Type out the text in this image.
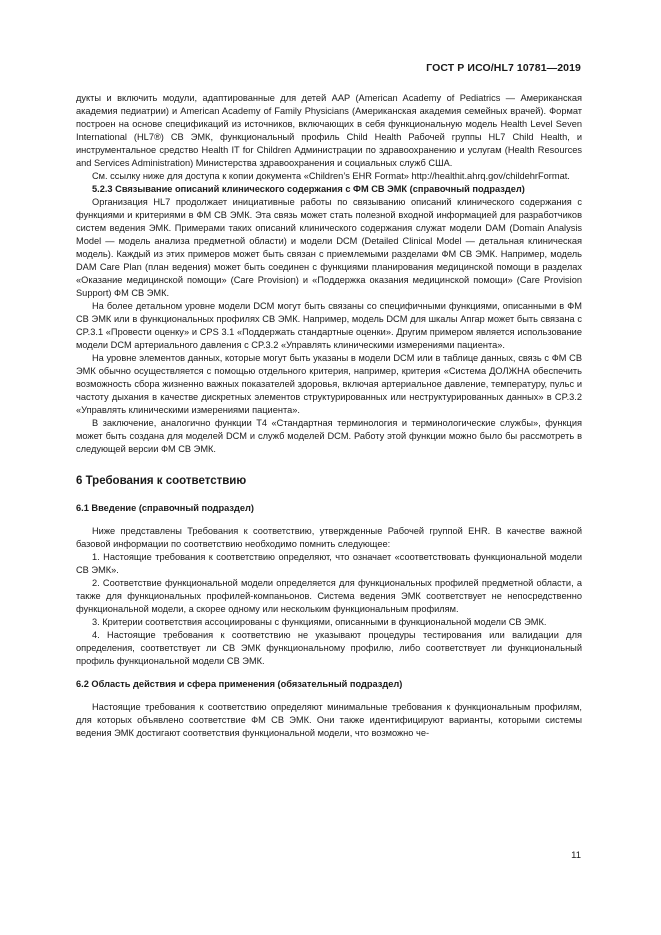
ГОСТ Р ИСО/HL7 10781—2019

дукты и включить модули, адаптированные для детей AAP (American Academy of Pediatrics — Американская академия педиатрии) и American Academy of Family Physicians (Американская академия семейных врачей). Формат построен на основе спецификаций из источников, включающих в себя функциональную модель Health Level Seven International (HL7®) СВ ЭМК, функциональный профиль Child Health Рабочей группы HL7 Child Health, и инструментальное средство Health IT for Children Администрации по здравоохранению и услугам (Health Resources and Services Administration) Министерства здравоохранения и социальных служб США.

См. ссылку ниже для доступа к копии документа «Children’s EHR Format» http://healthit.ahrq.gov/childehrFormat.

5.2.3 Связывание описаний клинического содержания с ФМ СВ ЭМК (справочный подраздел)

Организация HL7 продолжает инициативные работы по связыванию описаний клинического содержания с функциями и критериями в ФМ СВ ЭМК. Эта связь может стать полезной входной информацией для разработчиков систем ведения ЭМК. Примерами таких описаний клинического содержания служат модели DAM (Domain Analysis Model — модель анализа предметной области) и модели DCM (Detailed Clinical Model — детальная клиническая модель). Каждый из этих примеров может быть связан с приемлемыми разделами ФМ СВ ЭМК. Например, модель DAM Care Plan (план ведения) может быть соединен с функциями планирования медицинской помощи в разделах «Оказание медицинской помощи» (Care Provision) и «Поддержка оказания медицинской помощи» (Care Provision Support) ФМ СВ ЭМК.

На более детальном уровне модели DCM могут быть связаны со специфичными функциями, описанными в ФМ СВ ЭМК или в функциональных профилях СВ ЭМК. Например, модель DCM для шкалы Апгар может быть связана с CP.3.1 «Провести оценку» и CPS 3.1 «Поддержать стандартные оценки». Другим примером является использование модели DCM артериального давления с CP.3.2 «Управлять клиническими измерениями пациента».

На уровне элементов данных, которые могут быть указаны в модели DCM или в таблице данных, связь с ФМ СВ ЭМК обычно осуществляется с помощью отдельного критерия, например, критерия «Система ДОЛЖНА обеспечить возможность сбора жизненно важных показателей здоровья, включая артериальное давление, температуру, пульс и частоту дыхания в качестве дискретных элементов структурированных или неструктурированных данных» в CP.3.2 «Управлять клиническими измерениями пациента».

В заключение, аналогично функции T4 «Стандартная терминология и терминологические службы», функция может быть создана для моделей DCM и служб моделей DCM. Работу этой функции можно было бы рассмотреть в следующей версии ФМ СВ ЭМК.

6 Требования к соответствию

6.1 Введение (справочный подраздел)

Ниже представлены Требования к соответствию, утвержденные Рабочей группой EHR. В качестве важной базовой информации по соответствию необходимо помнить следующее:

1. Настоящие требования к соответствию определяют, что означает «соответствовать функциональной модели СВ ЭМК».

2. Соответствие функциональной модели определяется для функциональных профилей предметной области, а также для функциональных профилей-компаньонов. Система ведения ЭМК соответствует не непосредственно функциональной модели, а скорее одному или нескольким функциональным профилям.

3. Критерии соответствия ассоциированы с функциями, описанными в функциональной модели СВ ЭМК.

4. Настоящие требования к соответствию не указывают процедуры тестирования или валидации для определения, соответствует ли СВ ЭМК функциональному профилю, либо соответствует ли функциональный профиль функциональной модели СВ ЭМК.

6.2 Область действия и сфера применения (обязательный подраздел)

Настоящие требования к соответствию определяют минимальные требования к функциональным профилям, для которых объявлено соответствие ФМ СВ ЭМК. Они также идентифицируют варианты, которыми системы ведения ЭМК достигают соответствия функциональной модели, что возможно че-

11
